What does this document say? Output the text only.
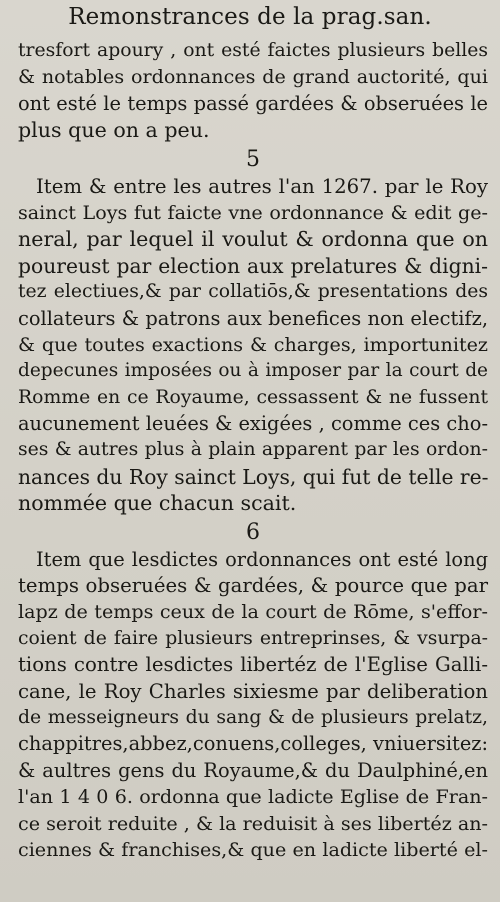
Remonstrances de la prag.san.
tresfort apoury , ont esté faictes plusieurs belles
& notables ordonnances de grand auctorité, qui
ont esté le temps passé gardées & obseruées le
plus que on a peu.
5
Item & entre les autres l'an 1267. par le Roy
sainct Loys fut faicte vne ordonnance & edit ge-
neral, par lequel il voulut & ordonna que on
poureust par election aux prelatures & digni-
tez electiues,& par collatiōs,& presentations des
collateurs & patrons aux benefices non electifz,
& que toutes exactions & charges, importunitez
depecunes imposées ou à imposer par la court de
Romme en ce Royaume, cessassent & ne fussent
aucunement leuées & exigées , comme ces cho-
ses & autres plus à plain apparent par les ordon-
nances du Roy sainct Loys, qui fut de telle re-
nommée que chacun scait.
6
Item que lesdictes ordonnances ont esté long
temps obseruées & gardées, & pource que par
lapz de temps ceux de la court de Rōme, s'effor-
coient de faire plusieurs entreprinses, & vsurpa-
tions contre lesdictes libertéz de l'Eglise Galli-
cane, le Roy Charles sixiesme par deliberation
de messeigneurs du sang & de plusieurs prelatz,
chappitres,abbez,conuens,colleges, vniuersitez:
& aultres gens du Royaume,& du Daulphiné,en
l'an 1 4 0 6. ordonna que ladicte Eglise de Fran-
ce seroit reduite , & la reduisit à ses libertéz an-
ciennes & franchises,& que en ladicte liberté el-
